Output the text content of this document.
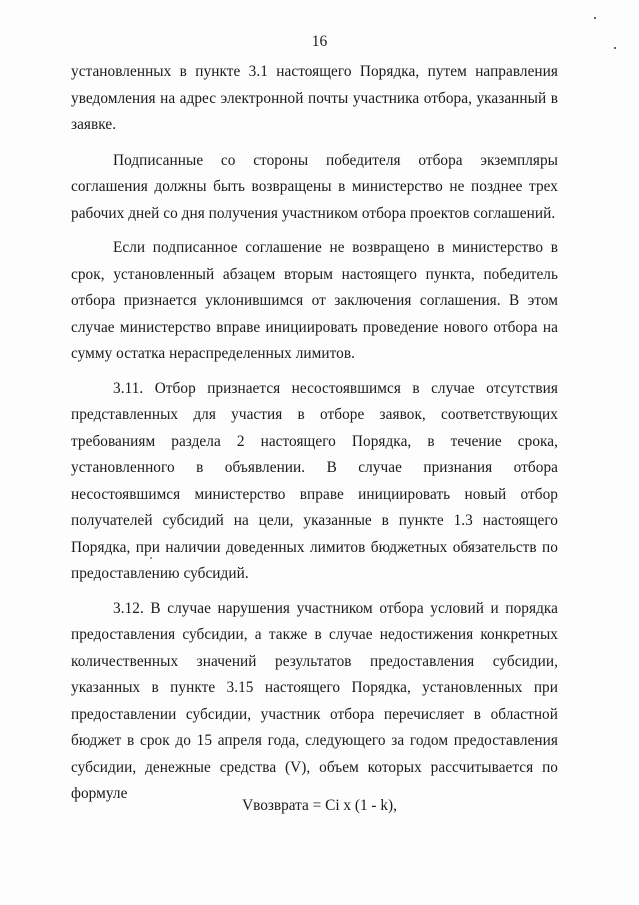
16

установленных в пункте 3.1 настоящего Порядка, путем направления уведомления на адрес электронной почты участника отбора, указанный в заявке.

Подписанные со стороны победителя отбора экземпляры соглашения должны быть возвращены в министерство не позднее трех рабочих дней со дня получения участником отбора проектов соглашений.

Если подписанное соглашение не возвращено в министерство в срок, установленный абзацем вторым настоящего пункта, победитель отбора признается уклонившимся от заключения соглашения. В этом случае министерство вправе инициировать проведение нового отбора на сумму остатка нераспределенных лимитов.

3.11. Отбор признается несостоявшимся в случае отсутствия представленных для участия в отборе заявок, соответствующих требованиям раздела 2 настоящего Порядка, в течение срока, установленного в объявлении. В случае признания отбора несостоявшимся министерство вправе инициировать новый отбор получателей субсидий на цели, указанные в пункте 1.3 настоящего Порядка, при наличии доведенных лимитов бюджетных обязательств по предоставлению субсидий.

3.12. В случае нарушения участником отбора условий и порядка предоставления субсидии, а также в случае недостижения конкретных количественных значений результатов предоставления субсидии, указанных в пункте 3.15 настоящего Порядка, установленных при предоставлении субсидии, участник отбора перечисляет в областной бюджет в срок до 15 апреля года, следующего за годом предоставления субсидии, денежные средства (V), объем которых рассчитывается по формуле

Vвозврата = Ci x (1 - k),
